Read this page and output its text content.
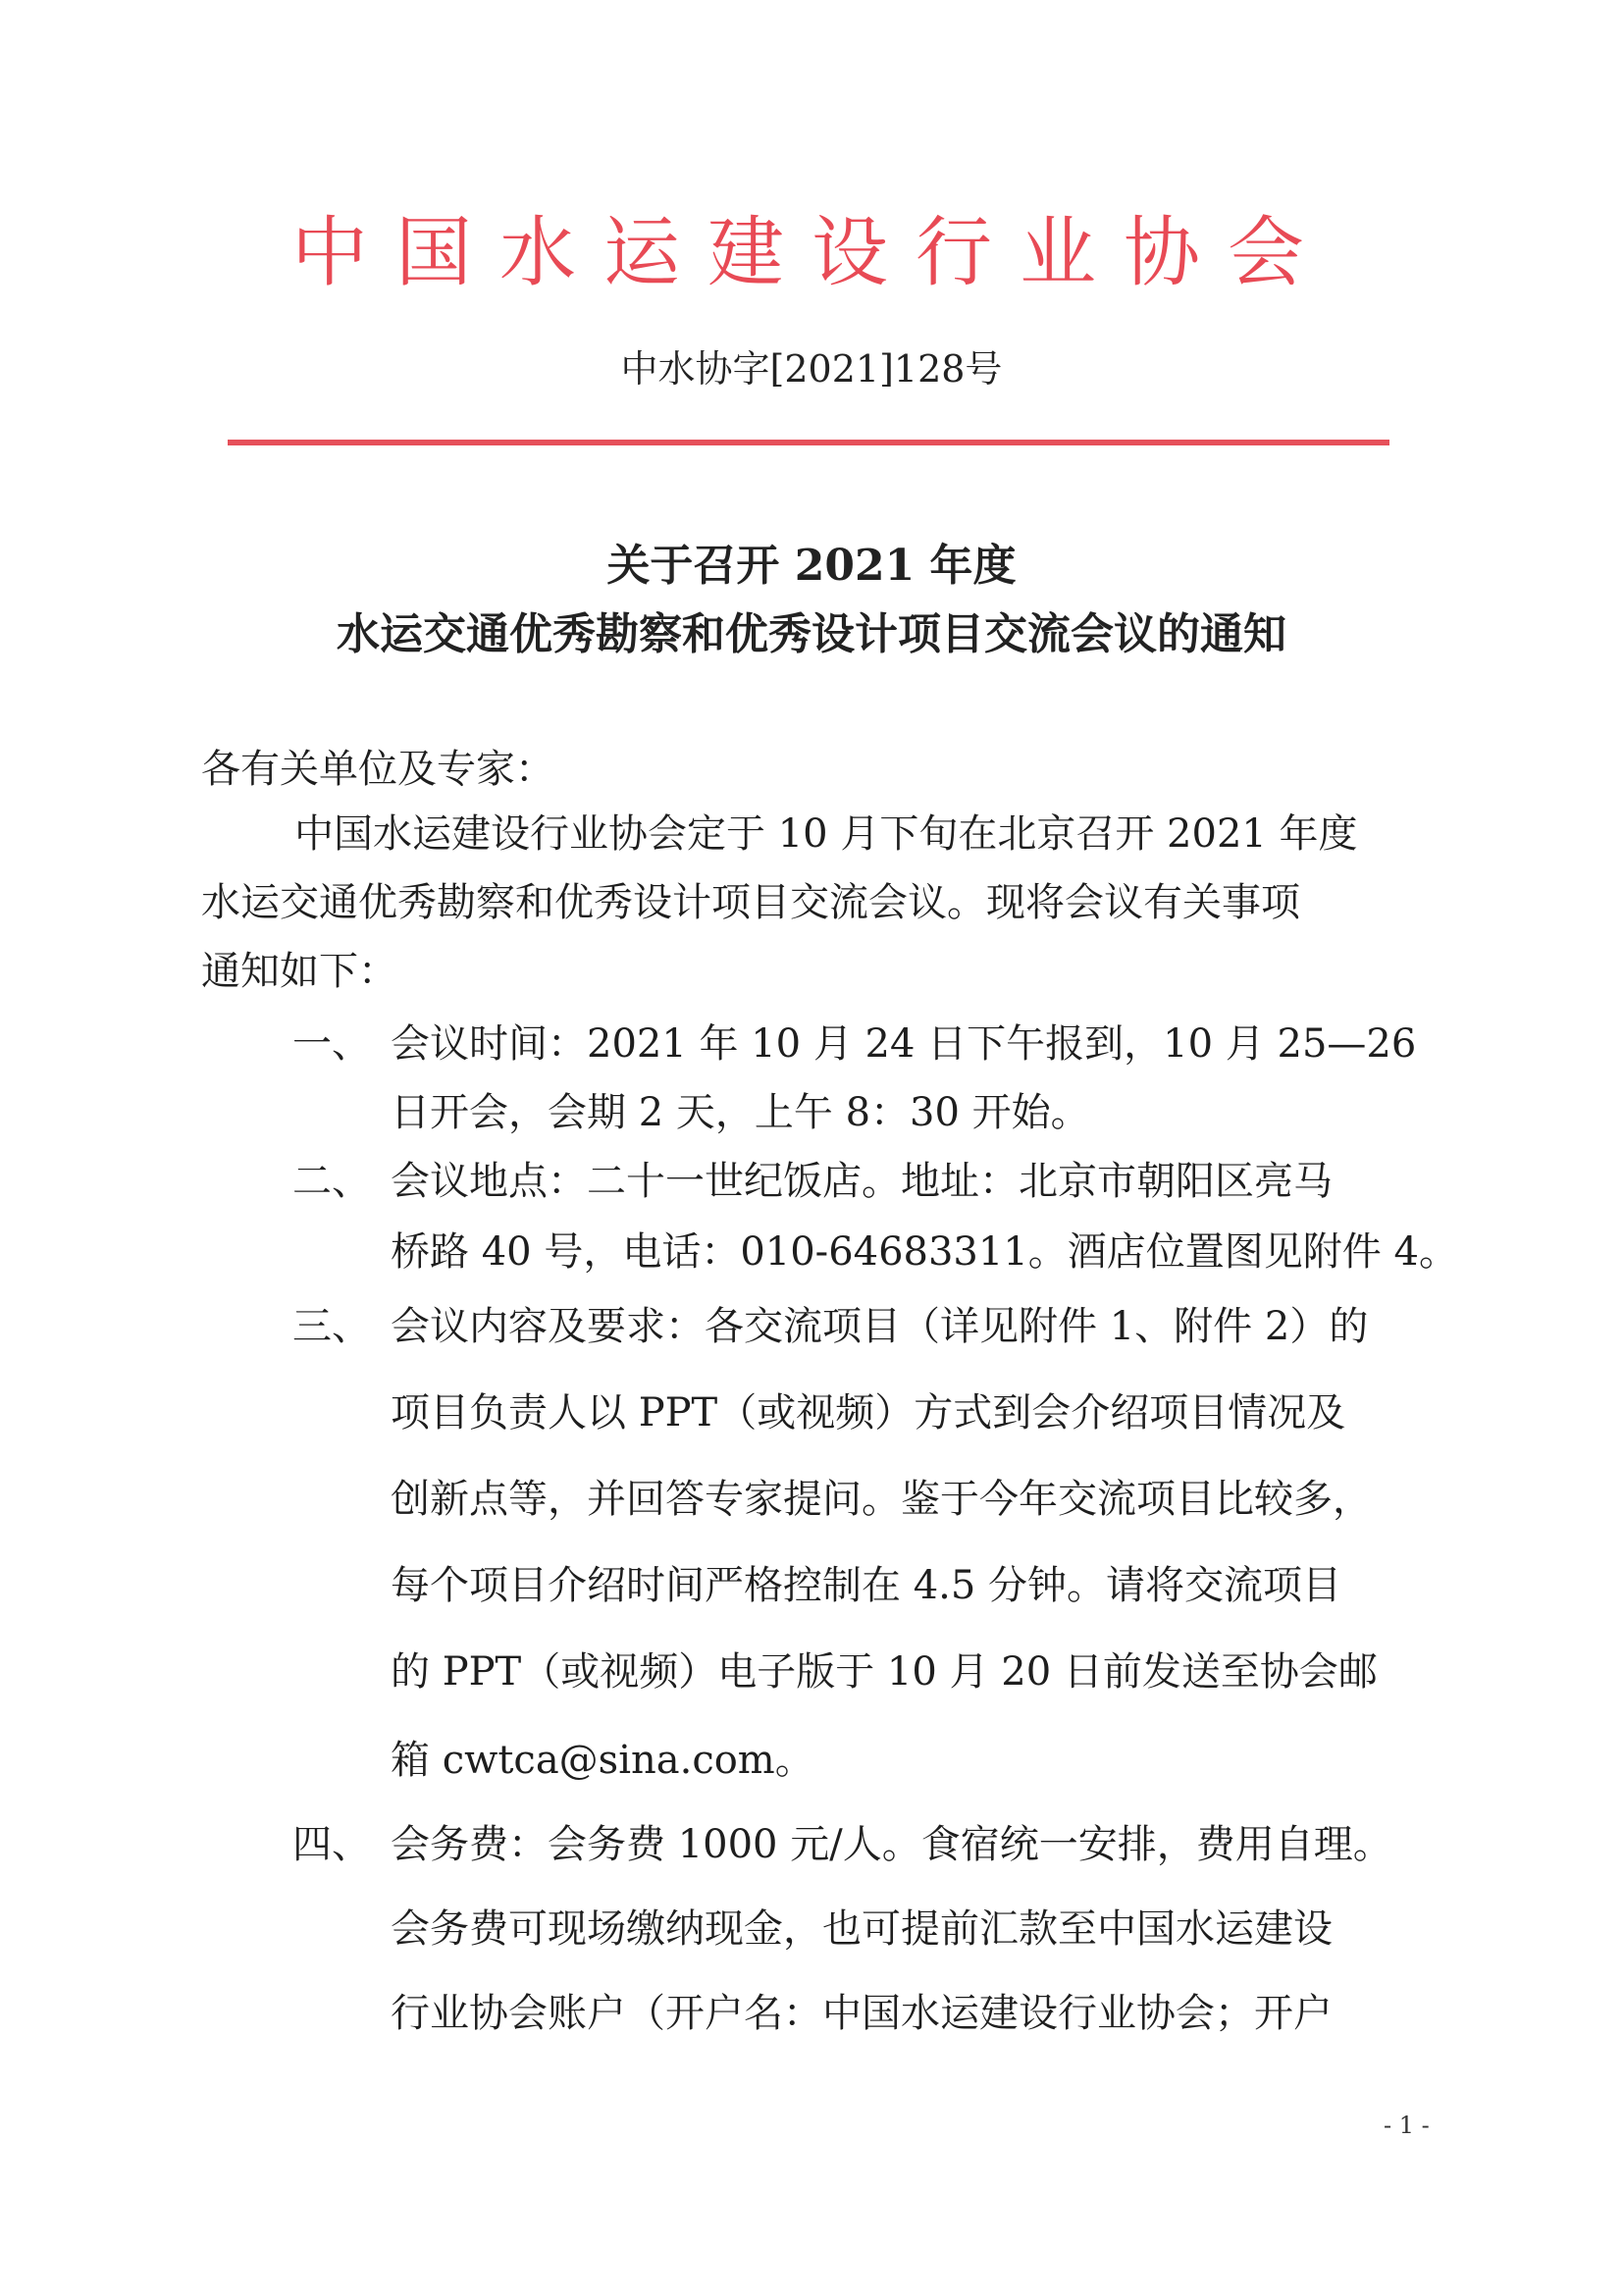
中国水运建设行业协会
中水协字[2021]128号
关于召开 2021 年度
水运交通优秀勘察和优秀设计项目交流会议的通知
各有关单位及专家：
中国水运建设行业协会定于 10 月下旬在北京召开 2021 年度
水运交通优秀勘察和优秀设计项目交流会议。现将会议有关事项
通知如下：
一、 会议时间：2021 年 10 月 24 日下午报到，10 月 25—26
日开会，会期 2 天，上午 8：30 开始。
二、 会议地点：二十一世纪饭店。地址：北京市朝阳区亮马
桥路 40 号，电话：010-64683311。酒店位置图见附件 4。
三、 会议内容及要求：各交流项目（详见附件 1、附件 2）的
项目负责人以 PPT（或视频）方式到会介绍项目情况及
创新点等，并回答专家提问。鉴于今年交流项目比较多，
每个项目介绍时间严格控制在 4.5 分钟。请将交流项目
的 PPT（或视频）电子版于 10 月 20 日前发送至协会邮
箱 cwtca@sina.com。
四、 会务费：会务费 1000 元/人。食宿统一安排，费用自理。
会务费可现场缴纳现金，也可提前汇款至中国水运建设
行业协会账户（开户名：中国水运建设行业协会；开户
- 1 -
